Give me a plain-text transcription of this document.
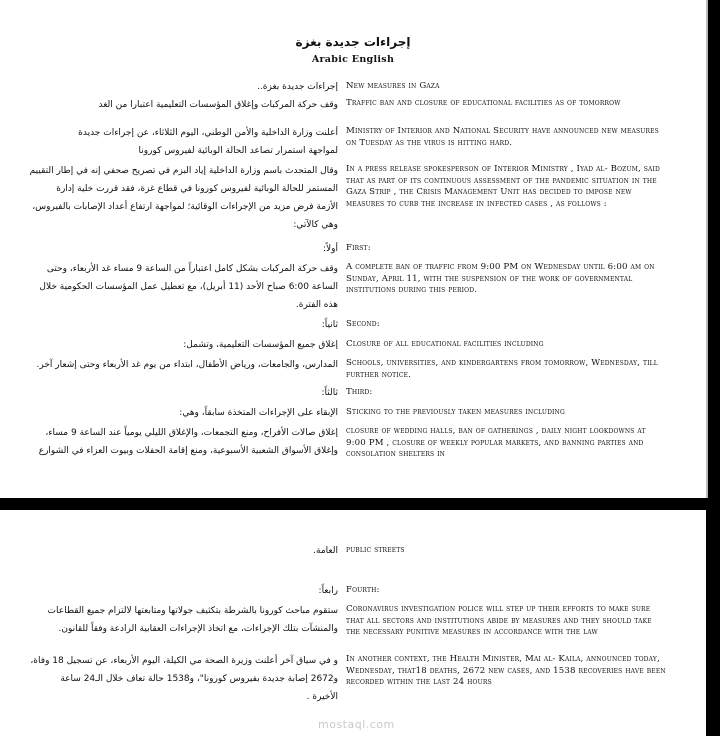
إجراءات جديدة بغزة
Arabic English
إجراءات جديدة بغزة.. New measures in Gaza
وقف حركة المركبات وإغلاق المؤسسات التعليمية اعتبارا من الغد Traffic ban and closure of educational facilities as of tomorrow
أعلنت وزارة الداخلية والأمن الوطني، اليوم الثلاثاء، عن إجراءات جديدة
لمواجهة استمرار تصاعد الحالة الوبائية لفيروس كورونا
Ministry of Interior and National Security have announced new measures on Tuesday as the virus is hitting hard.
وقال المتحدث باسم وزارة الداخلية إياد البزم في تصريح صحفي إنه في إطار التقييم
المستمر للحالة الوبائية لفيروس كورونا في قطاع غزة، فقد قررت خلية إدارة
الأزمة فرض مزيد من الإجراءات الوقائية؛ لمواجهة ارتفاع أعداد الإصابات بالفيروس،
وهي كالآتي:
In a press release spokesperson of Interior Ministry , Iyad al- Bozum, said that as part of its continuous assessment of the pandemic situation in the Gaza Strip , the Crisis Management Unit has decided to impose new measures to curb the increase in infected cases , as follows :
أولاً: First:
وقف حركة المركبات بشكل كامل اعتباراً من الساعة 9 مساء غد الأربعاء، وحتى
الساعة 6:00 صباح الأحد (11 أبريل)، مع تعطيل عمل المؤسسات الحكومية خلال
هذه الفترة.
A complete ban of traffic from 9:00 PM on Wednesday until 6:00 am on Sunday, April 11, with the suspension of the work of governmental institutions during this period.
ثانياً: Second:
إغلاق جميع المؤسسات التعليمية، وتشمل: Closure of all educational facilities including
المدارس، والجامعات، ورياض الأطفال، ابتداء من يوم غد الأربعاء وحتى إشعار آخر. Schools, universities, and kindergartens from tomorrow, Wednesday, till further notice.
ثالثاً: Third:
الإبقاء على الإجراءات المتخذة سابقاً، وهي: Sticking to the previously taken measures including
إغلاق صالات الأفراح، ومنع التجمعات، والإغلاق الليلي يومياً عند الساعة 9 مساء،
وإغلاق الأسواق الشعبية الأسبوعية، ومنع إقامة الحفلات وبيوت العزاء في الشوارع
closure of wedding halls, ban of gatherings , daily night lookdowns at 9:00 PM , closure of weekly popular markets, and banning parties and consolation shelters in
العامة. public streets
رابعاً: Fourth:
ستقوم مباحث كورونا بالشرطة بتكثيف جولاتها ومتابعتها لالتزام جميع القطاعات
والمنشآت بتلك الإجراءات، مع اتخاذ الإجراءات العقابية الرادعة وفقاً للقانون.
Coronavirus investigation police will step up their efforts to make sure that all sectors and institutions abide by measures and they should take the necessary punitive measures in accordance with the law
و في سياق آخر أعلنت وزيرة الصحة مي الكيلة، اليوم الأربعاء، عن تسجيل 18 وفاة،
و2672 إصابة جديدة بفيروس كورونا"، و1538 حالة تعاف خلال الـ24 ساعة
الأخيرة .
In another context, the Health Minister, Mai al- Kaila, announced today, Wednesday, that18 deaths, 2672 new cases, and 1538 recoveries have been recorded within the last 24 hours
mostaql.com
